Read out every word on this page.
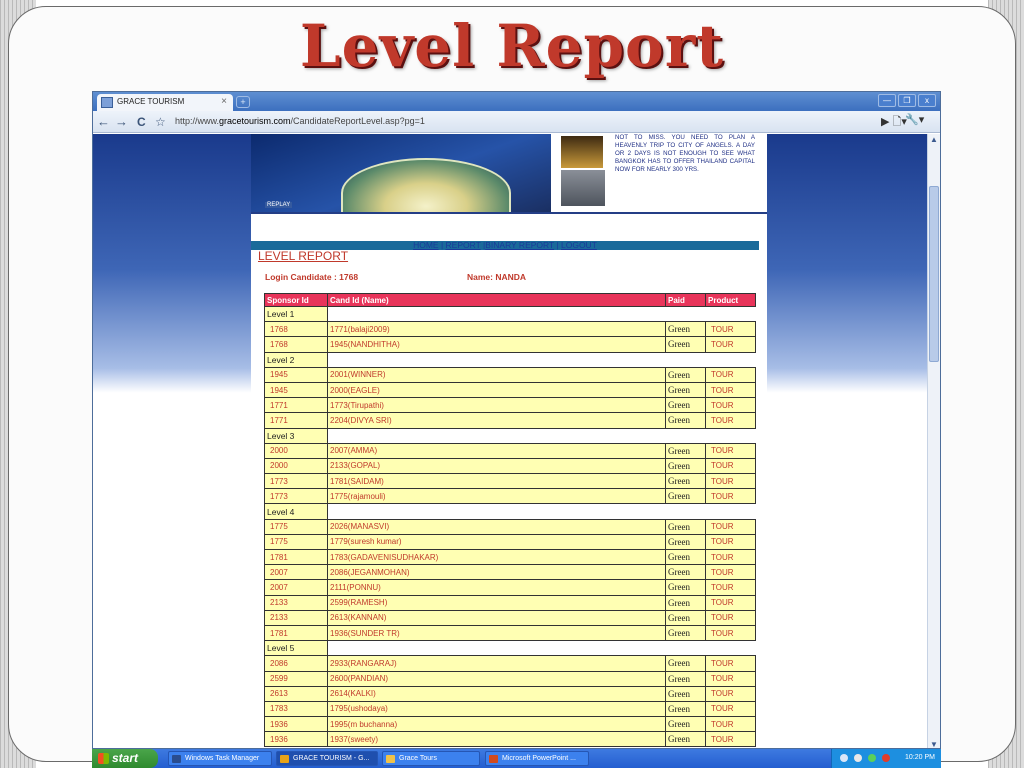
Level Report
GRACE TOURISM	×	+	—	❐	x
← → C ☆	http://www.gracetourism.com/CandidateReportLevel.asp?pg=1	▶ 🗋▾
🔧▾
REPLAY
NOT TO MISS. YOU NEED TO PLAN A HEAVENLY TRIP TO CITY OF ANGELS. A DAY OR 2 DAYS IS NOT ENOUGH TO SEE WHAT BANGKOK HAS TO OFFER THAILAND CAPITAL NOW FOR NEARLY 300 YRS.
HOME | REPORT |BINARY REPORT | LOGOUT
LEVEL REPORT
Login Candidate : 1768	Name: NANDA
Sponsor Id	Cand Id (Name)	Paid	Product
Level 1			
1768	1771(balaji2009)	Green	TOUR
1768	1945(NANDHITHA)	Green	TOUR
Level 2			
1945	2001(WINNER)	Green	TOUR
1945	2000(EAGLE)	Green	TOUR
1771	1773(Tirupathi)	Green	TOUR
1771	2204(DIVYA SRI)	Green	TOUR
Level 3			
2000	2007(AMMA)	Green	TOUR
2000	2133(GOPAL)	Green	TOUR
1773	1781(SAIDAM)	Green	TOUR
1773	1775(rajamouli)	Green	TOUR
Level 4			
1775	2026(MANASVI)	Green	TOUR
1775	1779(suresh kumar)	Green	TOUR
1781	1783(GADAVENISUDHAKAR)	Green	TOUR
2007	2086(JEGANMOHAN)	Green	TOUR
2007	2111(PONNU)	Green	TOUR
2133	2599(RAMESH)	Green	TOUR
2133	2613(KANNAN)	Green	TOUR
1781	1936(SUNDER TR)	Green	TOUR
Level 5			
2086	2933(RANGARAJ)	Green	TOUR
2599	2600(PANDIAN)	Green	TOUR
2613	2614(KALKI)	Green	TOUR
1783	1795(ushodaya)	Green	TOUR
1936	1995(m buchanna)	Green	TOUR
1936	1937(sweety)	Green	TOUR
▲
▼
start	Windows Task Manager	GRACE TOURISM - G...	Grace Tours	Microsoft PowerPoint ...	10:20 PM
